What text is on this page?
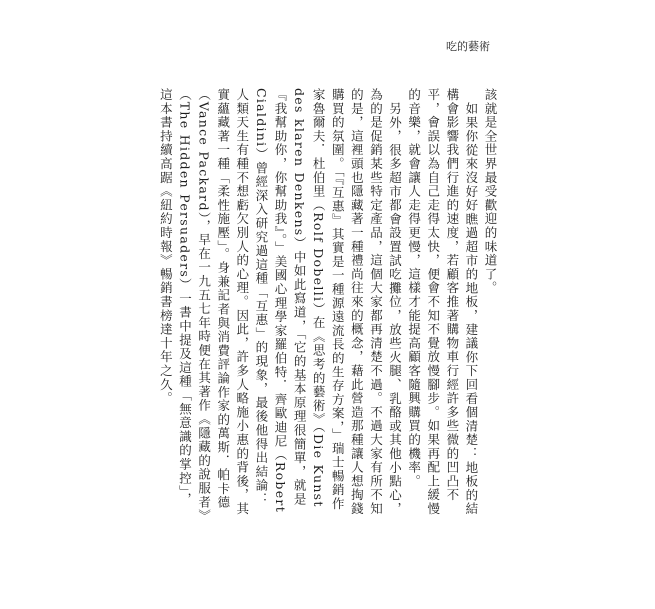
吃的藝術

該就是全世界最受歡迎的味道了。

如果你從來沒好好瞧過超市的地板，建議你下回看個清楚：地板的結構會影響我們行進的速度，若顧客推著購物車行經許多些微的凹凸不平，會誤以為自己走得太快，便會不知不覺放慢腳步。如果再配上緩慢的音樂，就會讓人走得更慢，這樣才能提高顧客隨興購買的機率。

另外，很多超市都會設置試吃攤位，放些火腿、乳酪或其他小點心，為的是促銷某些特定產品，這個大家都再清楚不過。不過大家有所不知的是，這裡頭也隱藏著一種禮尚往來的概念，藉此營造那種讓人想掏錢購買的氛圍。「『互惠』其實是一種源遠流長的生存方案，」瑞士暢銷作家魯爾夫．杜伯里（Rolf Dobelli）在《思考的藝術》（Die Kunst des klaren Denkens）中如此寫道，「它的基本原理很簡單，就是『我幫助你，你幫助我』。」美國心理學家羅伯特．齊歐迪尼（Robert Cialdini）曾經深入研究過這種「互惠」的現象，最後他得出結論：人類天生有種不想虧欠別人的心理。因此，許多人略施小惠的背後，其實蘊藏著一種「柔性施壓」。身兼記者與消費評論作家的萬斯．帕卡德（Vance Packard），早在一九五七年時便在其著作《隱藏的說服者》（The Hidden Persuaders）一書中提及這種「無意識的掌控」，這本書持續高踞《紐約時報》暢銷書榜達十年之久。
